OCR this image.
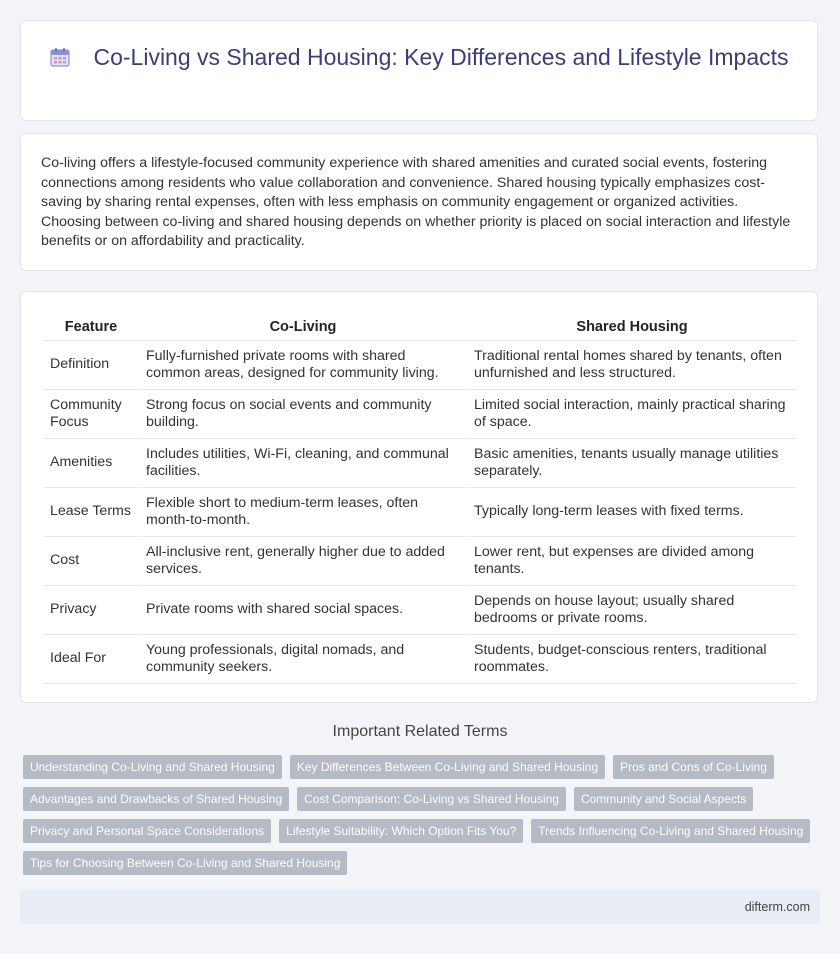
Co-Living vs Shared Housing: Key Differences and Lifestyle Impacts
Co-living offers a lifestyle-focused community experience with shared amenities and curated social events, fostering connections among residents who value collaboration and convenience. Shared housing typically emphasizes cost-saving by sharing rental expenses, often with less emphasis on community engagement or organized activities. Choosing between co-living and shared housing depends on whether priority is placed on social interaction and lifestyle benefits or on affordability and practicality.
Feature	Co-Living	Shared Housing
Definition	Fully-furnished private rooms with shared common areas, designed for community living.	Traditional rental homes shared by tenants, often unfurnished and less structured.
Community Focus	Strong focus on social events and community building.	Limited social interaction, mainly practical sharing of space.
Amenities	Includes utilities, Wi-Fi, cleaning, and communal facilities.	Basic amenities, tenants usually manage utilities separately.
Lease Terms	Flexible short to medium-term leases, often month-to-month.	Typically long-term leases with fixed terms.
Cost	All-inclusive rent, generally higher due to added services.	Lower rent, but expenses are divided among tenants.
Privacy	Private rooms with shared social spaces.	Depends on house layout; usually shared bedrooms or private rooms.
Ideal For	Young professionals, digital nomads, and community seekers.	Students, budget-conscious renters, traditional roommates.
Important Related Terms
Understanding Co-Living and Shared Housing	Key Differences Between Co-Living and Shared Housing	Pros and Cons of Co-Living
Advantages and Drawbacks of Shared Housing	Cost Comparison: Co-Living vs Shared Housing	Community and Social Aspects
Privacy and Personal Space Considerations	Lifestyle Suitability: Which Option Fits You?	Trends Influencing Co-Living and Shared Housing
Tips for Choosing Between Co-Living and Shared Housing
difterm.com
